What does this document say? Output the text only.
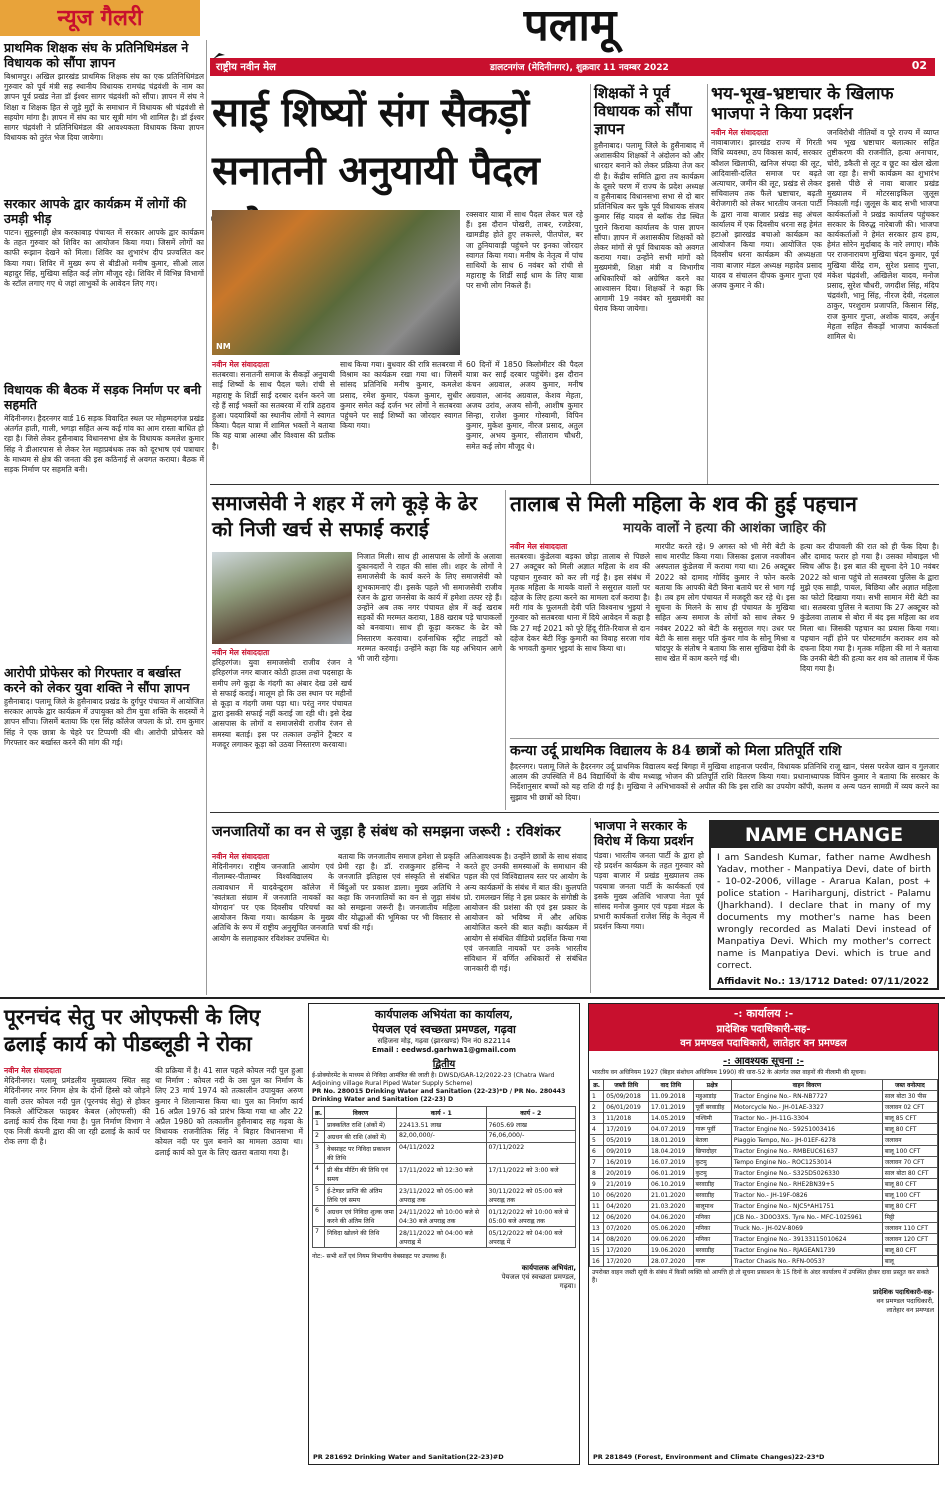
न्यूज गैलरी	पलामू
राष्ट्रीय नवीन मेल	डालटनगंज (मेदिनीनगर), शुक्रवार 11 नवम्बर 2022	02
प्राथमिक शिक्षक संघ के प्रतिनिधिमंडल ने विधायक को सौंपा ज्ञापन
बिश्रामपुर। अखिल झारखंड प्राथमिक शिक्षक संघ का एक प्रतिनिधिमंडल गुरुवार को पूर्व मंत्री सह स्थानीय विधायक रामचंद्र चंद्रवंशी के नाम का ज्ञापन पूर्व प्रखंड नेता डॉ ईश्वर सागर चंद्रवंशी को सौंपा। ज्ञापन में संघ ने शिक्षा व शिक्षक हित से जुड़े मुद्दों के समाधान में विधायक श्री चंद्रवंशी से सहयोग मांगा है। ज्ञापन में संघ का चार सूत्री मांग भी शामिल है। डॉ ईश्वर सागर चंद्रवंशी ने प्रतिनिधिमंडल की आवश्यकता विधायक किया ज्ञापन विधायक को तुरंत भेज दिया जायेगा।
सरकार आपके द्वार कार्यक्रम में लोगों की उमड़ी भीड़
पाटन। सुट्ठस्नाही क्षेत्र करकाबाड़ पंचायत में सरकार आपके द्वार कार्यक्रम के तहत गुरुवार को शिविर का आयोजन किया गया। जिसमें लोगों का काफी रूझान देखने को मिला। शिविर का शुभारंभ दीप प्रज्वलित कर किया गया। शिविर में मुख्य रूप से बीडीओ मनीष कुमार, सीओ लाल बहादुर सिंह, मुखिया सहित कई लोग मौजूद रहे। शिविर में विभिन्न विभागों के स्टॉल लगाए गए थे जहां लाभुकों के आवेदन लिए गए।
विधायक की बैठक में सड़क निर्माण पर बनी सहमति
मेदिनीनगर। हैदरनगर वार्ड 16 सड़क विवादित स्थल पर मोहम्मदगंज प्रखंड अंतर्गत हाती, गाली, भगड़ा सहित अन्य कई गांव का आम रास्ता बाधित हो रहा है। जिसे लेकर हुसैनाबाद विधानसभा क्षेत्र के विधायक कमलेश कुमार सिंह ने डीआरपास से लेकर रेल महाप्रबंधक तक को दूरभाष एवं पत्राचार के माध्यम से क्षेत्र की जनता की इस कठिनाई से अवगत कराया। बैठक में सड़क निर्माण पर सहमति बनी।
आरोपी प्रोफेसर को गिरफ्तार व बर्खास्त करने को लेकर युवा शक्ति ने सौंपा ज्ञापन
हुसैनाबाद। पलामू जिले के हुसैनाबाद प्रखंड के दुर्गपुर पंचायत में आयोजित सरकार आपके द्वार कार्यक्रम में उपायुक्त को टीम युवा शक्ति के सदस्यों ने ज्ञापन सौंपा। जिसमें बताया कि एस सिंह कॉलेज जपला के प्रो. राम कुमार सिंह ने एक छात्रा के चेहरे पर टिप्पणी की थी। आरोपी प्रोफेसर को गिरफ्तार कर बर्खास्त करने की मांग की गई।
साई शिष्यों संग सैकड़ों सनातनी अनुयायी पैदल
NM
रक्सवार यात्रा में साथ पैदल लेकर चल रहे हैं। इस दौरान पोखरी, ताबर, रजडेरवा, खामडीह होते हुए लकल्ले, पीतपोल, बर जा ठुनियावाड़ी पहुंचने पर इनका जोरदार स्वागत किया गया। मनीष के नेतृत्व में पांच साथियों के साथ 6 नवंबर को रांची से महाराष्ट्र के शिर्डी साईं धाम के लिए यात्रा पर सभी लोग निकले हैं।
नवीन मेल संवाददाता
सतबरवा। सनातनी समाज के सैकड़ों अनुयायी साई शिष्यों के साथ पैदल चले। रांची से महाराष्ट्र के शिर्डी साईं दरबार दर्शन करने जा रहे हैं साईं भक्तों का सतबरवा में रात्रि ठहराव हुआ। पदयात्रियों का स्थानीय लोगों ने स्वागत किया। पैदल यात्रा में शामिल भक्तों ने बताया कि यह यात्रा आस्था और विश्वास की प्रतीक है।
साथ किया गया। बुधवार की रात्रि सतबरवा में विश्राम का कार्यक्रम रखा गया था। जिसमें सांसद प्रतिनिधि मनीष कुमार, कमलेश प्रसाद, रमेश कुमार, पंकज कुमार, सुधीर कुमार समेत कई दर्जन भर लोगों ने सतबरवा पहुंचने पर साईं शिष्यों का जोरदार स्वागत किया गया।
60 दिनों में 1850 किलोमीटर की पैदल यात्रा कर साईं दरबार पहुंचेंगे। इस दौरान कंचन अग्रवाल, अजय कुमार, मनीष अग्रवाल, आनंद अग्रवाल, केशव मेहता, अजय उरांव, अजय सोनी, आशीष कुमार सिन्हा, राजेश कुमार गोस्वामी, विपिन कुमार, मुकेश कुमार, नीरज प्रसाद, अतुल कुमार, अभय कुमार, सीताराम चौधरी, समेत कई लोग मौजूद थे।
शिक्षकों ने पूर्व विधायक को सौंपा ज्ञापन
हुसैनाबाद। पलामू जिले के हुसैनाबाद में अशासकीय शिक्षकों ने अंदोलन को और धारदार बनाने को लेकर प्रक्रिया तेज कर दी है। केंद्रीय समिति द्वारा तय कार्यक्रम के दूसरे चरण में राज्य के प्रदेश अध्यक्ष व हुसैनाबाद विधानसभा सभा से दो बार प्रतिनिधित्व कर चुके पूर्व विधायक संजय कुमार सिंह यादव से ब्लॉक रोड स्थित पुराने किराया कार्यालय के पास ज्ञापन सौंपा। ज्ञापन में अशासकीय शिक्षकों को लेकर मांगों से पूर्व विधायक को अवगत कराया गया। उन्होंने सभी मांगों को मुख्यमंत्री, शिक्षा मंत्री व विभागीय अधिकारियों को अग्रेषित करने का आश्वासन दिया। शिक्षकों ने कहा कि आगामी 19 नवंबर को मुख्यमंत्री का घेराव किया जायेगा।
भय-भूख-भ्रष्टाचार के खिलाफ भाजपा ने किया प्रदर्शन
नवीन मेल संवाददाता
नावाबाजार। झारखंड राज्य में गिरती विधि व्यवस्था, ठप विकास कार्य, सरकार कौशल खिलाफी, खनिज संपदा की लूट, आदिवासी-दलित समाज पर बढ़ते अत्याचार, जमीन की लूट, प्रखंड से लेकर सचिवालय तक फैले भ्रष्टाचार, बढ़ती बेरोजगारी को लेकर भारतीय जनता पार्टी के द्वारा नावा बाजार प्रखंड सह अंचल कार्यालय में एक दिवसीय धरना सह हेमंत हटाओ झारखंड बचाओ कार्यक्रम का आयोजन किया गया। आयोजित एक दिवसीय धरना कार्यक्रम की अध्यक्षता नावा बाजार मंडल अध्यक्ष महादेव प्रसाद यादव व संचालन दीपक कुमार गुप्ता एवं अजय कुमार ने की।
जनविरोधी नीतियों व पूरे राज्य में व्याप्त भय भूख भ्रष्टाचार बलात्कार सहित तुष्टीकरण की राजनीति, हत्या अनाचार, चोरी, डकैती से लूट व छूट का खेल खेला जा रहा है। सभी कार्यक्रम का शुभारंभ इससे पीछे से नावा बाजार प्रखंड मुख्यालय में मोटरसाइकिल जुलूस निकाली गई। जुलूस के बाद सभी भाजपा कार्यकर्ताओं ने प्रखंड कार्यालय पहुंचकर सरकार के विरुद्ध नारेबाजी की। भाजपा कार्यकर्ताओं ने हेमंत सरकार हाय हाय, हेमंत सोरेन मुर्दाबाद के नारे लगाए। मौके पर राजनारायण मुखिया चंदन कुमार, पूर्व मुखिया वीरेंद्र राम, सुरेश प्रसाद गुप्ता, मंकेश चंद्रवंशी, अखिलेश यादव, मनोज प्रसाद, सुरेश चौधरी, जगदीश सिंह, मंदिप चंद्रवंशी, भानु सिंह, नीरज देवी, नंदलाल ठाकुर, परशुराम प्रजापति, किसान सिंह, राज कुमार गुप्ता, अशोक यादव, अर्जुन मेहता सहित सैकड़ों भाजपा कार्यकर्ता शामिल थे।
समाजसेवी ने शहर में लगे कूड़े के ढेर को निजी खर्च से सफाई कराई
नवीन मेल संवाददाता
हरिहरगंज। युवा समाजसेवी राजीव रंजन ने हरिहरगंज नगर बाजार कोठी हाउस तथा पदसाहा के समीप लगे कूड़ा के गंदगी का अंबार देख उसे खर्च से सफाई कराई। मालूम हो कि उस स्थान पर महीनों से कूड़ा व गंदगी जमा पड़ा था। परंतु नगर पंचायत द्वारा इसकी सफाई नहीं कराई जा रही थी। इसे देख आसपास के लोगों व समाजसेवी राजीव रंजन से समस्या बताई। इस पर तत्काल उन्होंने ट्रैक्टर व मजदूर लगाकर कूड़ा को उठवा निस्तारण करवाया।
निजात मिली। साथ ही आसपास के लोगों के अलावा दुकानदारों ने राहत की सांस ली। शहर के लोगों ने समाजसेवी के कार्य करने के लिए समाजसेवी को शुभकामनाएं दी। इसके पहले भी समाजसेवी राजीव रंजन के द्वारा जनसेवा के कार्य में हमेशा तत्पर रहे हैं। उन्होंने अब तक नगर पंचायत क्षेत्र में कई खराब सड़कों की मरम्मत कराया, 188 खराब पड़े चापाकलों को बनवाया। साथ ही कूड़ा करकट के ढेर को निस्तारण करवाया। दर्जनाधिक स्ट्रीट लाइटों को मरम्मत करवाई। उन्होंने कहा कि यह अभियान आगे भी जारी रहेगा।
तालाब से मिली महिला के शव की हुई पहचान
मायके वालों ने हत्या की आशंका जाहिर की
नवीन मेल संवाददाता
सतबरवा। कुंडेलवा बड़का छोड़ा तालाब से पिछले 27 अक्टूबर को मिली अज्ञात महिला के शव की पहचान गुरुवार को कर ली गई है। इस संबंध में मृतक महिला के मायके वालों ने ससुराल वालों पर दहेज के लिए हत्या करने का मामला दर्ज कराया है। मरी गांव के फूलमती देवी पति विश्वनाथ भुइयां ने गुरुवार को सतबरवा थाना में दिये आवेदन में कहा है कि 27 मई 2021 को पूरे हिंदू रीति-रिवाज से दान दहेज देकर बेटी रिंकु कुमारी का विवाह सरजा गांव के भगवती कुमार भुइयां के साथ किया था।
मारपीट करते रहे। 9 अगस्त को भी मेरी बेटी के साथ मारपीट किया गया। जिसका इलाज नवजीवन अस्पताल कुंडेलवा में कराया गया था। 26 अक्टूबर 2022 को दामाद गोविंद कुमार ने फोन करके बताया कि आपकी बेटी बिना बताये घर से भाग गई है। तब हम लोग पंचायत में मजदूरी कर रहे थे। इस सूचना के मिलने के साथ ही पंचायत के मुखिया सहित अन्य समाज के लोगों को साथ लेकर 9 नवंबर 2022 को बेटी के ससुराल गए। उधर पर बेटी के सास ससुर पति कुंवर गांव के सोनू मिश्रा व चांदपुर के संतोष ने बताया कि सास सुखिया देवी के साथ खेत में काम करने गई थी।
हत्या कर दीपावली की रात को ही फेंक दिया है। और दामाद फरार हो गया है। उसका मोबाइल भी स्विच ऑफ है। इस बात की सूचना देने 10 नवंबर 2022 को थाना पहुंचे तो सतबरवा पुलिस के द्वारा मुझे एक साड़ी, पायल, बिछिया और अज्ञात महिला का फोटो दिखाया गया। सभी सामान मेरी बेटी का था। सतबरवा पुलिस ने बताया कि 27 अक्टूबर को कुंडेलवा तालाब से बोरा में बंद इस महिला का शव मिला था। जिसकी पहचान का प्रयास किया गया। पहचान नहीं होने पर पोस्टमार्टम कराकर शव को दफना दिया गया है। मृतक महिला की मां ने बताया कि उनकी बेटी की हत्या कर शव को तालाब में फेंक दिया गया है।
कन्या उर्दू प्राथमिक विद्यालय के 84 छात्रों को मिला प्रतिपूर्ति राशि
हैदरनगर। पलामू जिले के हैदरनगर उर्दू प्राथमिक विद्यालय बरई बिगहा में मुखिया शाहनाज परवीन, विधायक प्रतिनिधि राजू खान, पंसस परवेज खान व गुलजार आलम की उपस्थिति में 84 विद्यार्थियों के बीच मध्याह्न भोजन की प्रतिपूर्ति राशि वितरण किया गया। प्रधानाध्यापक विपिन कुमार ने बताया कि सरकार के निर्देशानुसार बच्चों को यह राशि दी गई है। मुखिया ने अभिभावकों से अपील की कि इस राशि का उपयोग कॉपी, कलम व अन्य पठन सामग्री में व्यय करने का सुझाव भी छात्रों को दिया।
जनजातियों का वन से जुड़ा है संबंध को समझना जरूरी : रविशंकर
नवीन मेल संवाददाता
मेदिनीनगर। राष्ट्रीय जनजाति आयोग एवं नीलाम्बर-पीताम्बर विश्वविद्यालय के तत्वावधान में यादवेन्द्र्रराम कॉलेज में 'स्वतंत्रता संग्राम में जनजाति नायकों का योगदान' पर एक दिवसीय परिचर्चा का आयोजन किया गया। कार्यक्रम के मुख्य अतिथि के रूप में राष्ट्रीय अनुसूचित जनजाति आयोग के सलाहकार रविशंकर उपस्थित थे।
बताया कि जनजातीय समाज हमेशा से प्रकृति प्रेमी रहा है। डॉ. राजकुमार हसिन्द ने जनजाति इतिहास एवं संस्कृति से संबंधित बिंदुओं पर प्रकाश डाला। मुख्य अतिथि ने कहा कि जनजातियों का वन से जुड़ा संबंध को समझना जरूरी है। जनजातीय महिला वीर योद्धाओं की भूमिका पर भी विस्तार से चर्चा की गई।
अतिआवश्यक है। उन्होंने छात्रों के साथ संवाद करते हुए उनकी समस्याओं के समाधान की पहल की एवं विश्विद्यालय स्तर पर आयोग के अन्य कार्यक्रमों के संबंध में बात की। कुलपति प्रो. रामलखन सिंह ने इस प्रकार के संगोष्ठी के आयोजन की प्रशंसा की एवं इस प्रकार के आयोजन को भविष्य में और अधिक आयोजित करने की बात कही। कार्यक्रम में आयोग से संबंधित वीडियो प्रदर्शित किया गया एवं जनजाति नायकों पर उनके भारतीय संविधान में वर्णित अधिकारों से संबंधित जानकारी दी गई।
भाजपा ने सरकार के विरोध में किया प्रदर्शन
पंडवा। भारतीय जनता पार्टी के द्वारा हो रहे प्रदर्शन कार्यक्रम के तहत गुरुवार को पड़वा बाजार में प्रखंड मुख्यालय तक पदयात्रा जनता पार्टी के कार्यकर्ता एवं इसके मुख्य अतिथि भाजपा नेता पूर्व सांसद मनोज कुमार एवं पड़वा मंडल के प्रभारी कार्यकर्ता राजेश सिंह के नेतृत्व में प्रदर्शन किया गया।
NAME CHANGE
I am Sandesh Kumar, father name Awdhesh Yadav, mother - Manpatiya Devi, date of birth - 10-02-2006, village - Ararua Kalan, post + police station - Harihargunj, district - Palamu (Jharkhand). I declare that in many of my documents my mother's name has been wrongly recorded as Malati Devi instead of Manpatiya Devi. Which my mother's correct name is Manpatiya Devi. which is true and correct.
Affidavit No.: 13/1712 Dated: 07/11/2022
पूरनचंद सेतु पर ओएफसी के लिए ढलाई कार्य को पीडब्लूडी ने रोका
नवीन मेल संवाददाता
मेदिनीनगर। पलामू प्रमंडलीय मुख्यालय स्थित सह मेदिनीनगर नगर निगम क्षेत्र के दोनों हिस्से को जोड़ने वाली उत्तर कोयल नदी पुल (पूरनचंद सेतु) से होकर निकले ऑप्टिकल फाइबर केबल (ओएफसी) की ढलाई कार्य रोक दिया गया है। पुल निर्माण विभाग ने एक निजी कंपनी द्वारा की जा रही ढलाई के कार्य पर रोक लगा दी है।
की प्रक्रिया में है। 41 साल पहले कोयल नदी पुल हुआ था निर्माण : कोयल नदी के उस पुल का निर्माण के लिए 23 मार्च 1974 को तत्कालीन उपायुक्त अरुण कुमार ने शिलान्यास किया था। पुल का निर्माण कार्य 16 अप्रैल 1976 को प्रारंभ किया गया था और 22 अप्रैल 1980 को तत्कालीन हुसैनाबाद सह गढ़वा के विधायक राजनीतिक सिंह ने बिहार विधानसभा में कोयल नदी पर पुल बनाने का मामला उठाया था। ढलाई कार्य को पुल के लिए खतरा बताया गया है।
कार्यपालक अभियंता का कार्यालय,
पेयजल एवं स्वच्छता प्रमण्डल, गढ़वा
सहिजना मोड़, गढ़वा (झारखण्ड) पिन नं0 822114
Email : eedwsd.garhwa1@gmail.com
द्वितीय
ई-प्रोक्योरमेंट के माध्यम से निविदा आमंत्रित की जाती है। DWSD/GAR-12/2022-23 (Chatra Ward Adjoining village Rural Piped Water Supply Scheme)
PR No. 280015 Drinking Water and Sanitation (22-23)*D / PR No. 280443 Drinking Water and Sanitation (22-23) D
क्र.	विवरण	कार्य - 1	कार्य - 2
1	प्राक्कलित राशि (अंकों में)	22413.51 लाख	7605.69 लाख
2	अग्रधन की राशि (अंकों में)	82,00,000/-	76,06,000/-
3	वेबसाइट पर निविदा प्रकाशन की तिथि	04/11/2022	07/11/2022
4	प्री बीड मीटिंग की तिथि एवं समय	17/11/2022 को 12:30 बजे	17/11/2022 को 3:00 बजे
5	ई-टेण्डर प्राप्ति की अंतिम तिथि एवं समय	23/11/2022 को 05:00 बजे अपराह्न तक	30/11/2022 को 05:00 बजे अपराह्न तक
6	अग्रधन एवं निविदा शुल्क जमा करने की अंतिम तिथि	24/11/2022 को 10:00 बजे से 04:30 बजे अपराह्न तक	01/12/2022 को 10:00 बजे से 05:00 बजे अपराह्न तक
7	निविदा खोलने की तिथि	28/11/2022 को 04:00 बजे अपराह्न में	05/12/2022 को 04:00 बजे अपराह्न में
नोट:- सभी शर्तें एवं नियम विभागीय वेबसाइट पर उपलब्ध हैं।
कार्यपालक अभियंता,
पेयजल एवं स्वच्छता प्रमण्डल,
गढ़वा।
PR 281692 Drinking Water and Sanitation(22-23)#D
-: कार्यालय :-
प्रादेशिक पदाधिकारी-सह-
वन प्रमण्डल पदाधिकारी, लातेहार वन प्रमण्डल
-: आवश्यक सूचना :-
भारतीय वन अधिनियम 1927 (बिहार संशोधन अधिनियम 1990) की धारा-52 के अंतर्गत जब्त वाहनों की नीलामी की सूचना।
क्र.	जब्ती तिथि	वाद तिथि	प्रक्षेत्र	वाहन विवरण	जब्त वनोत्पाद
1	05/09/2018	11.09.2018	महुआडांड़	Tractor Engine No.- RN-NB7727	साल बोटा 30 पीस
2	06/01/2019	17.01.2019	पूर्वी बरवाडीह	Motorcycle No.- JH-01AE-3327	जलावन 02 CFT
3	11/2018	14.05.2019	पश्चिमी	Tractor No.- JH-11G-3304	बालू 85 CFT
4	17/2019	04.07.2019	गारू पूर्वी	Tractor Engine No.- 59251003416	बालू 80 CFT
5	05/2019	18.01.2019	बेतला	Piaggio Tempo, No.- JH-01EF-6278	जलावन
6	09/2019	18.04.2019	छिपादोहर	Tractor Engine No.- RMBEUC61637	बालू 100 CFT
7	16/2019	16.07.2019	कुटमु	Tempo Engine No.- ROC1253014	जलावन 70 CFT
8	20/2019	06.01.2019	कुटमु	Tractor Engine No.- S325D5026330	साल बोटा 80 CFT
9	21/2019	06.10.2019	बरवाडीह	Tractor Engine No.- RHE2BN39+5	बालू 80 CFT
10	06/2020	21.01.2020	बरवाडीह	Tractor No.- JH-19F-0826	बालू 100 CFT
11	04/2020	21.03.2020	बालूमाथ	Tractor Engine No.- NJC5*AH1751	बालू 80 CFT
12	06/2020	04.06.2020	मनिका	JCB No.- 3D0O3XS. Tyre No.- MFC-1025961	मिट्टी
13	07/2020	05.06.2020	मनिका	Truck No.- JH-02V-8069	जलावन 110 CFT
14	08/2020	09.06.2020	मनिका	Tractor Engine No.- 39133115010624	जलावन 120 CFT
15	17/2020	19.06.2020	बरवाडीह	Tractor Engine No.- RJAGEAN1739	बालू 80 CFT
16	17/2020	28.07.2020	गारू	Tractor Chasis No.- RFN-0053?	बालू
उपरोक्त वाहन जब्ती सूची के संबंध में किसी व्यक्ति को आपत्ति हो तो सूचना प्रकाशन के 15 दिनों के अंदर कार्यालय में उपस्थित होकर दावा प्रस्तुत कर सकते हैं।
प्रादेशिक पदाधिकारी-सह-
वन प्रमण्डल पदाधिकारी,
लातेहार वन प्रमण्डल
PR 281849 (Forest, Environment and Climate Changes)22-23*D
